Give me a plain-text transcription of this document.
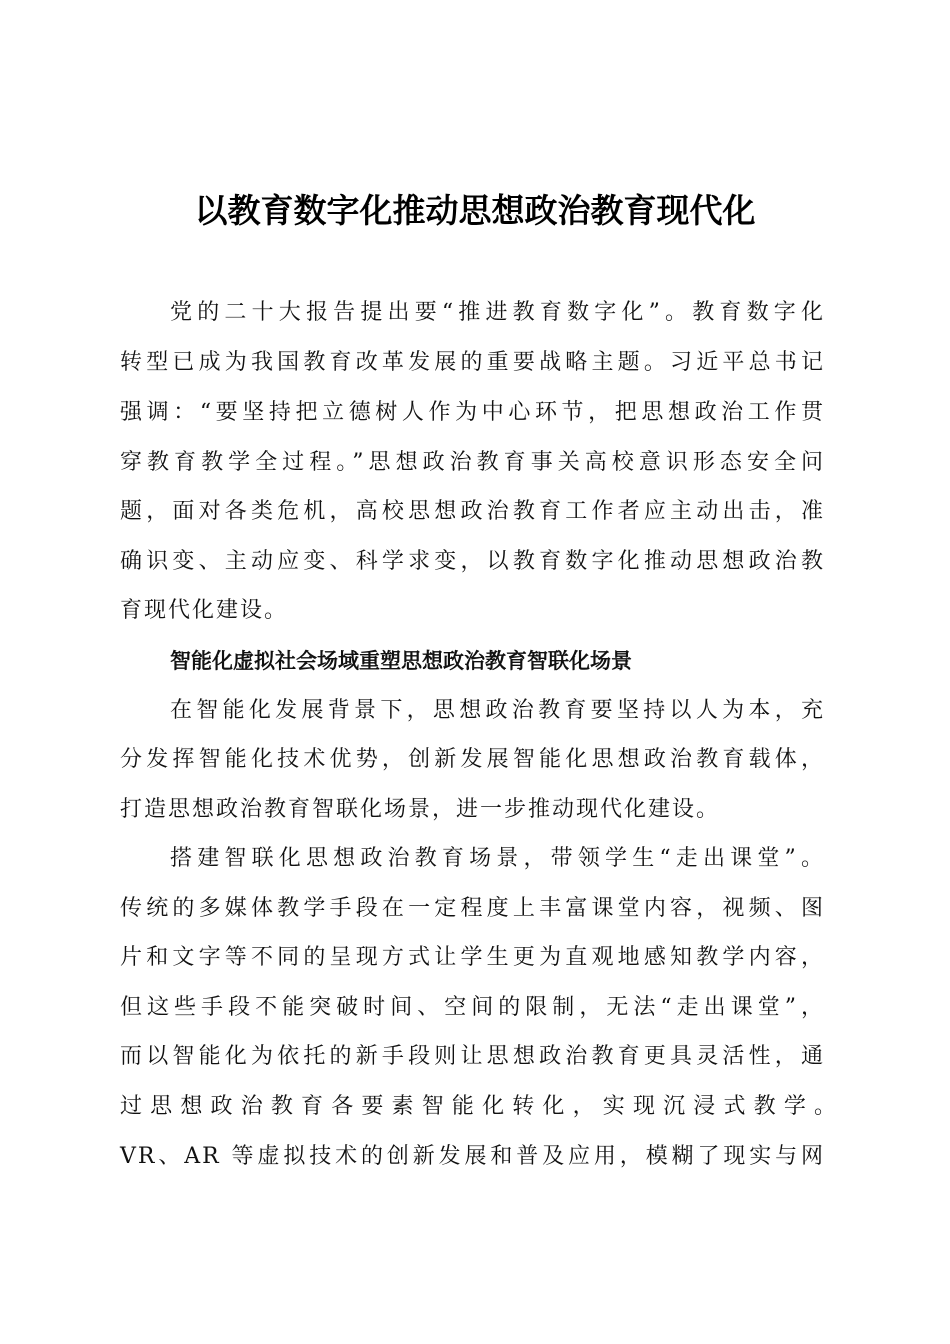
以教育数字化推动思想政治教育现代化
党的二十大报告提出要“推进教育数字化”。教育数字化
转型已成为我国教育改革发展的重要战略主题。习近平总书记
强调：“要坚持把立德树人作为中心环节，把思想政治工作贯
穿教育教学全过程。”思想政治教育事关高校意识形态安全问
题，面对各类危机，高校思想政治教育工作者应主动出击，准
确识变、主动应变、科学求变，以教育数字化推动思想政治教
育现代化建设。
智能化虚拟社会场域重塑思想政治教育智联化场景
在智能化发展背景下，思想政治教育要坚持以人为本，充
分发挥智能化技术优势，创新发展智能化思想政治教育载体，
打造思想政治教育智联化场景，进一步推动现代化建设。
搭建智联化思想政治教育场景，带领学生“走出课堂”。
传统的多媒体教学手段在一定程度上丰富课堂内容，视频、图
片和文字等不同的呈现方式让学生更为直观地感知教学内容，
但这些手段不能突破时间、空间的限制，无法“走出课堂”，
而以智能化为依托的新手段则让思想政治教育更具灵活性，通
过思想政治教育各要素智能化转化，实现沉浸式教学。
VR、AR 等虚拟技术的创新发展和普及应用，模糊了现实与网
